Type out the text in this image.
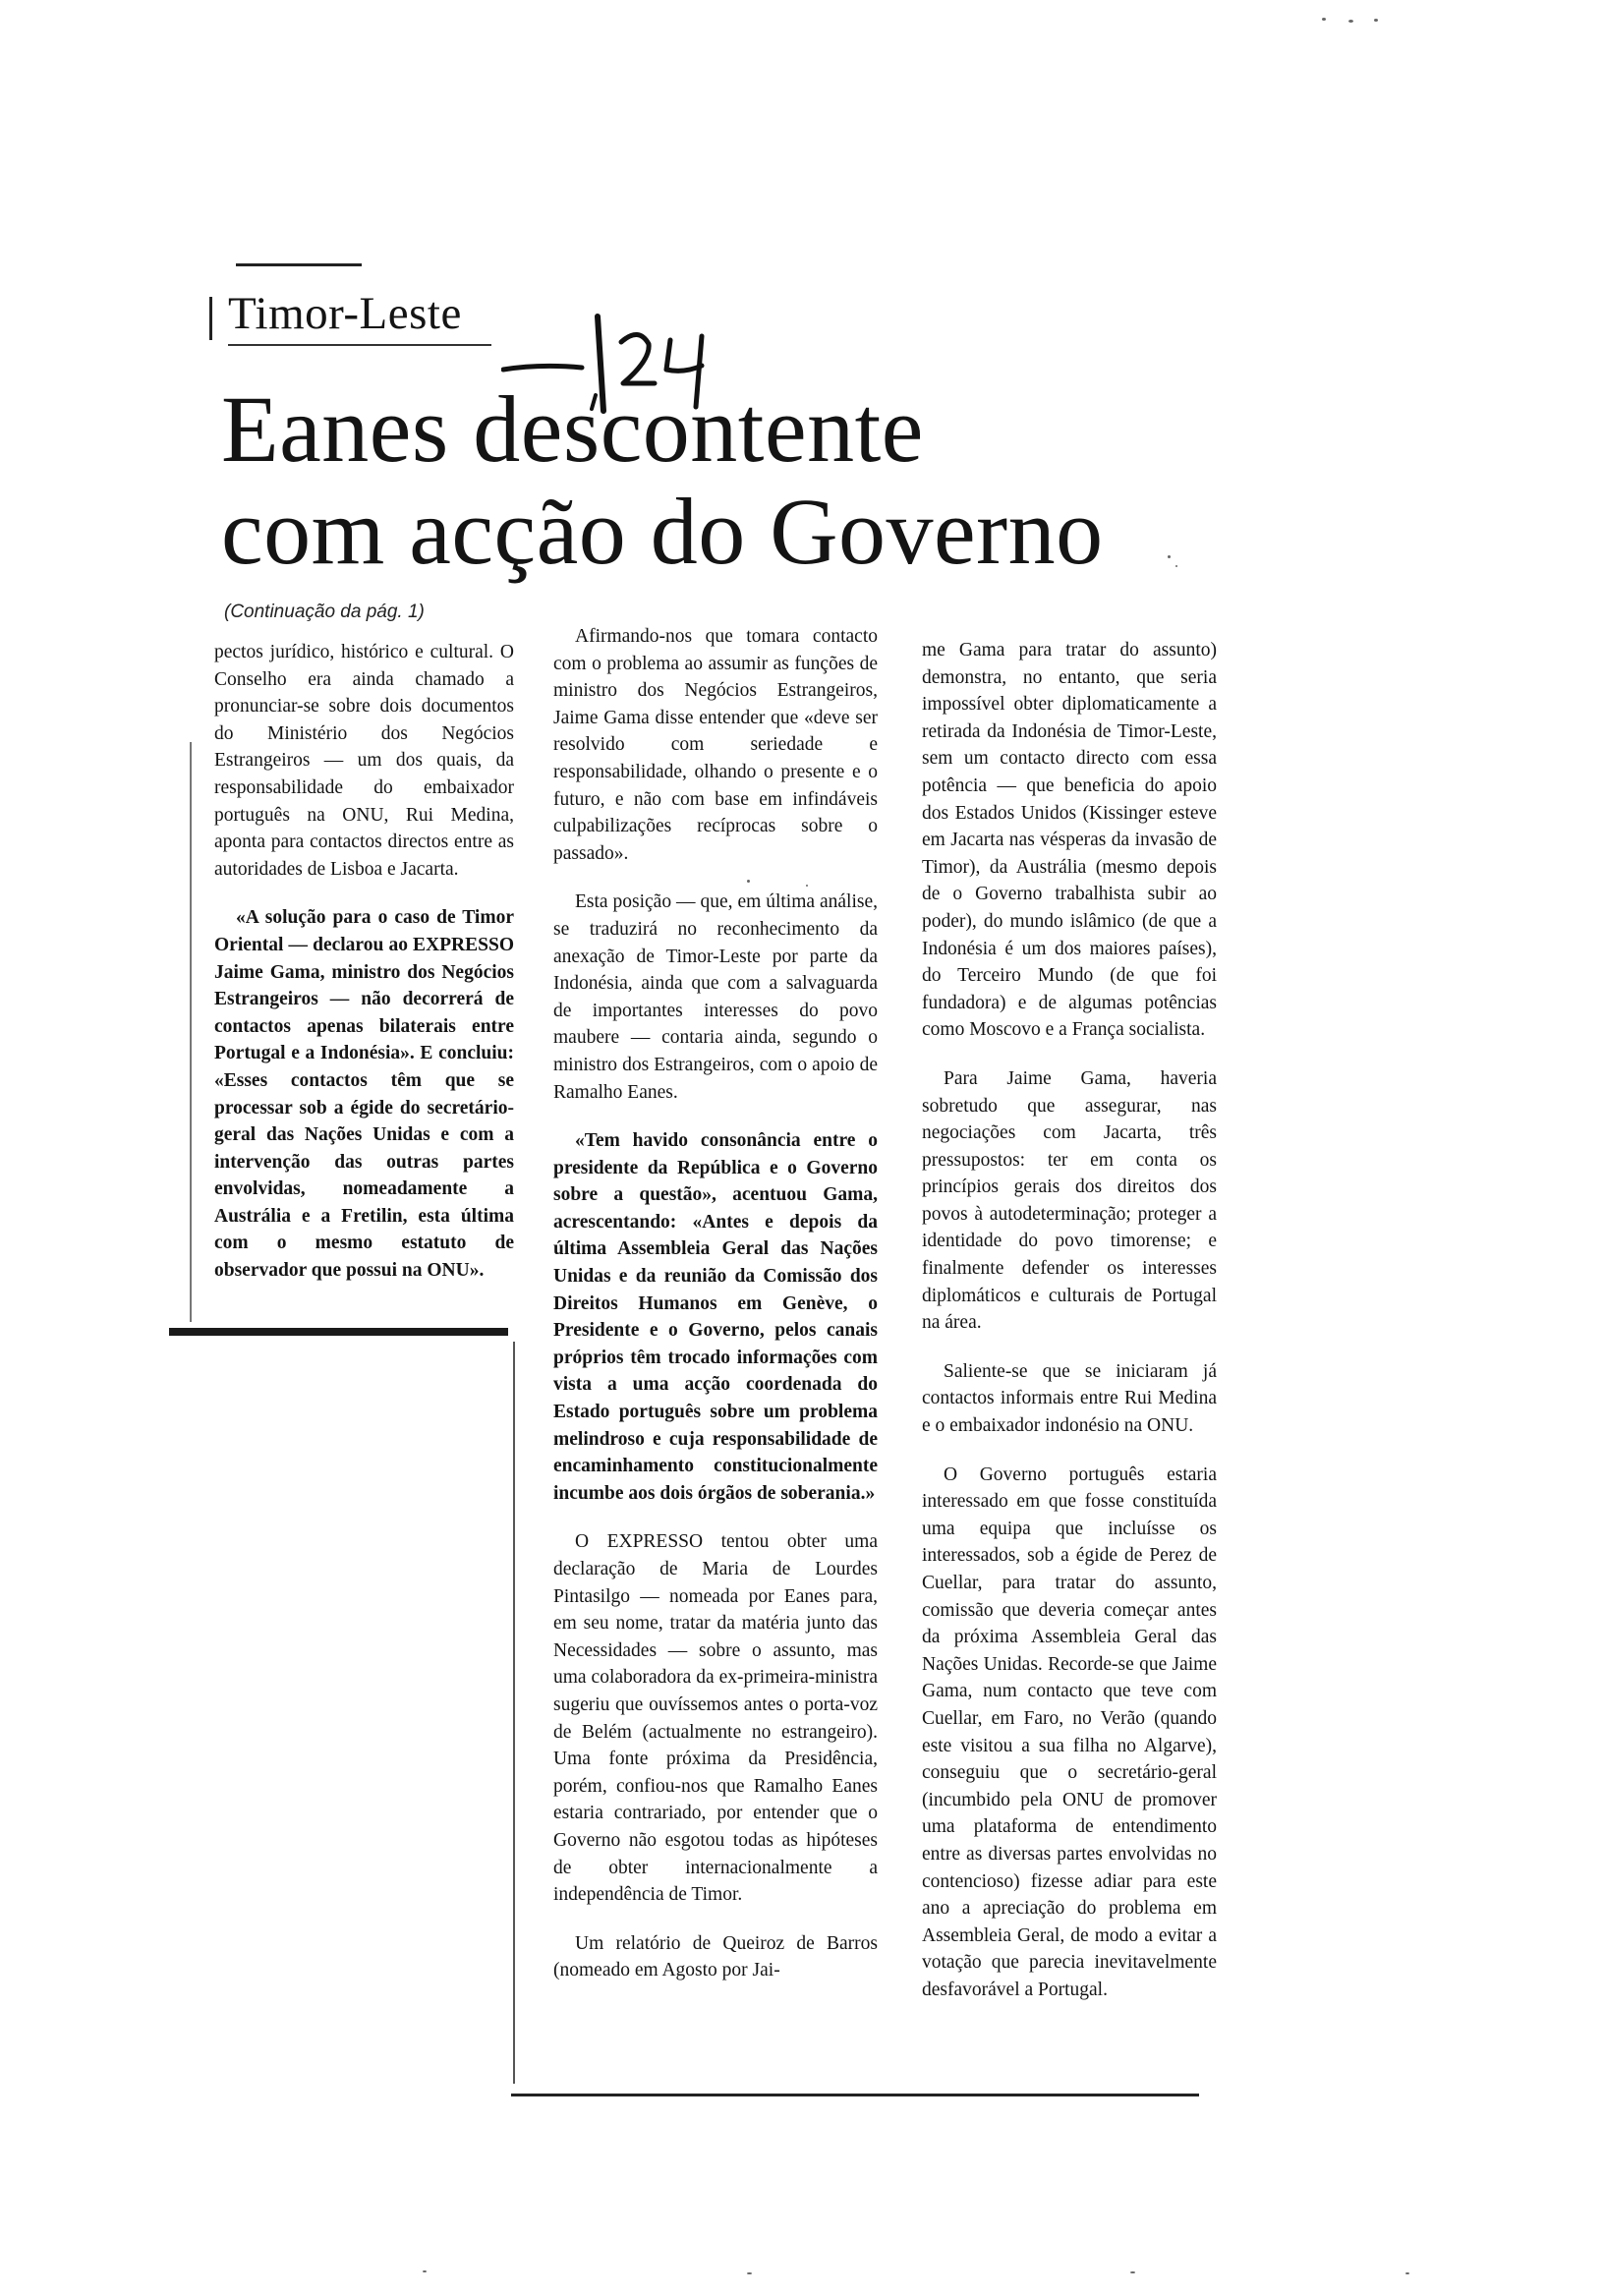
Timor-Leste
Eanes descontente
com acção do Governo
(Continuação da pág. 1)

pectos jurídico, histórico e cultural. O Conselho era ainda chamado a pronunciar-se sobre dois documentos do Ministério dos Negócios Estrangeiros — um dos quais, da responsabilidade do embaixador português na ONU, Rui Medina, aponta para contactos directos entre as autoridades de Lisboa e Jacarta.

«A solução para o caso de Timor Oriental — declarou ao EXPRESSO Jaime Gama, ministro dos Negócios Estrangeiros — não decorrerá de contactos apenas bilaterais entre Portugal e a Indonésia». E concluiu: «Esses contactos têm que se processar sob a égide do secretário-geral das Nações Unidas e com a intervenção das outras partes envolvidas, nomeadamente a Austrália e a Fretilin, esta última com o mesmo estatuto de observador que possui na ONU».

Afirmando-nos que tomara contacto com o problema ao assumir as funções de ministro dos Negócios Estrangeiros, Jaime Gama disse entender que «deve ser resolvido com seriedade e responsabilidade, olhando o presente e o futuro, e não com base em infindáveis culpabilizações recíprocas sobre o passado».

Esta posição — que, em última análise, se traduzirá no reconhecimento da anexação de Timor-Leste por parte da Indonésia, ainda que com a salvaguarda de importantes interesses do povo maubere — contaria ainda, segundo o ministro dos Estrangeiros, com o apoio de Ramalho Eanes.

«Tem havido consonância entre o presidente da República e o Governo sobre a questão», acentuou Gama, acrescentando: «Antes e depois da última Assembleia Geral das Nações Unidas e da reunião da Comissão dos Direitos Humanos em Genève, o Presidente e o Governo, pelos canais próprios têm trocado informações com vista a uma acção coordenada do Estado português sobre um problema melindroso e cuja responsabilidade de encaminhamento constitucionalmente incumbe aos dois órgãos de soberania.»

O EXPRESSO tentou obter uma declaração de Maria de Lourdes Pintasilgo — nomeada por Eanes para, em seu nome, tratar da matéria junto das Necessidades — sobre o assunto, mas uma colaboradora da ex-primeira-ministra sugeriu que ouvíssemos antes o porta-voz de Belém (actualmente no estrangeiro). Uma fonte próxima da Presidência, porém, confiou-nos que Ramalho Eanes estaria contrariado, por entender que o Governo não esgotou todas as hipóteses de obter internacionalmente a independência de Timor.

Um relatório de Queiroz de Barros (nomeado em Agosto por Jai-

me Gama para tratar do assunto) demonstra, no entanto, que seria impossível obter diplomaticamente a retirada da Indonésia de Timor-Leste, sem um contacto directo com essa potência — que beneficia do apoio dos Estados Unidos (Kissinger esteve em Jacarta nas vésperas da invasão de Timor), da Austrália (mesmo depois de o Governo trabalhista subir ao poder), do mundo islâmico (de que a Indonésia é um dos maiores países), do Terceiro Mundo (de que foi fundadora) e de algumas potências como Moscovo e a França socialista.

Para Jaime Gama, haveria sobretudo que assegurar, nas negociações com Jacarta, três pressupostos: ter em conta os princípios gerais dos direitos dos povos à autodeterminação; proteger a identidade do povo timorense; e finalmente defender os interesses diplomáticos e culturais de Portugal na área.

Saliente-se que se iniciaram já contactos informais entre Rui Medina e o embaixador indonésio na ONU.

O Governo português estaria interessado em que fosse constituída uma equipa que incluísse os interessados, sob a égide de Perez de Cuellar, para tratar do assunto, comissão que deveria começar antes da próxima Assembleia Geral das Nações Unidas. Recorde-se que Jaime Gama, num contacto que teve com Cuellar, em Faro, no Verão (quando este visitou a sua filha no Algarve), conseguiu que o secretário-geral (incumbido pela ONU de promover uma plataforma de entendimento entre as diversas partes envolvidas no contencioso) fizesse adiar para este ano a apreciação do problema em Assembleia Geral, de modo a evitar a votação que parecia inevitavelmente desfavorável a Portugal.
